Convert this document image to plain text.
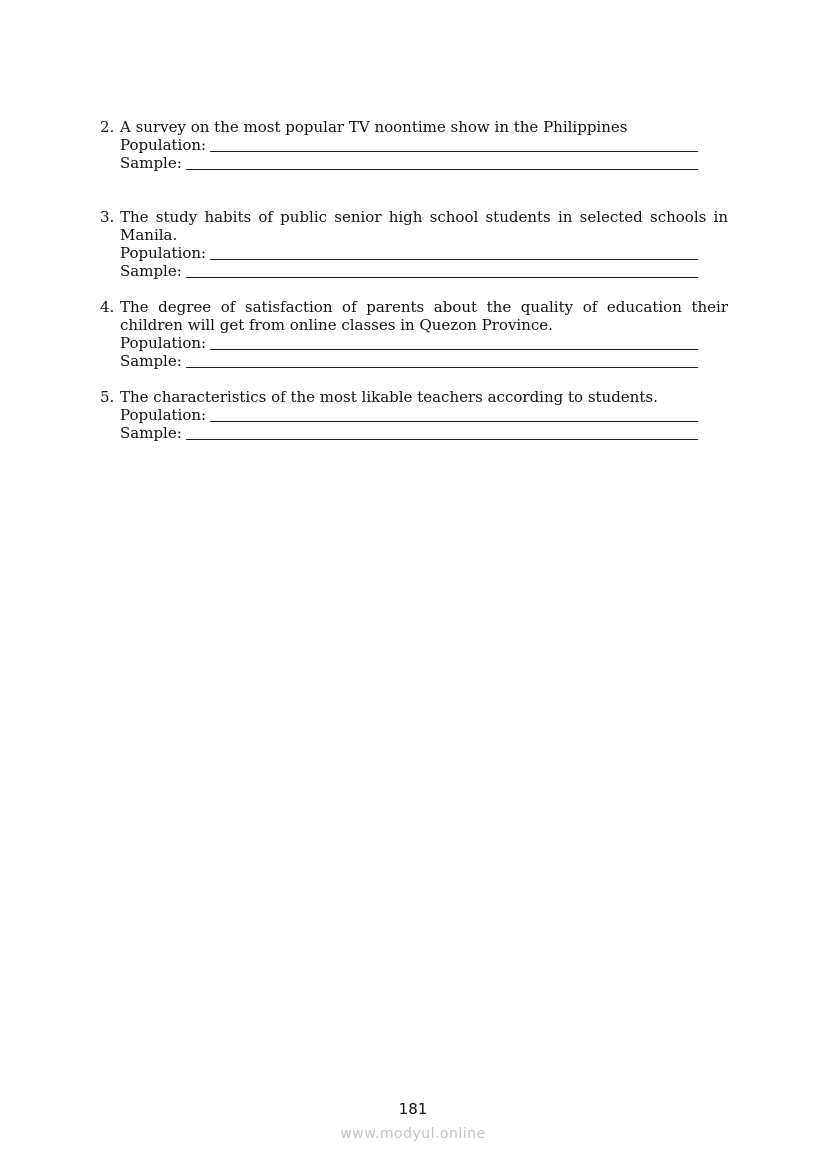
2. A survey on the most popular TV noontime show in the Philippines
Population:
Sample:
3. The study habits of public senior high school students in selected schools in Manila.
Population:
Sample:
4. The degree of satisfaction of parents about the quality of education their children will get from online classes in Quezon Province.
Population:
Sample:
5. The characteristics of the most likable teachers according to students.
Population:
Sample:
181
www.modyul.online
